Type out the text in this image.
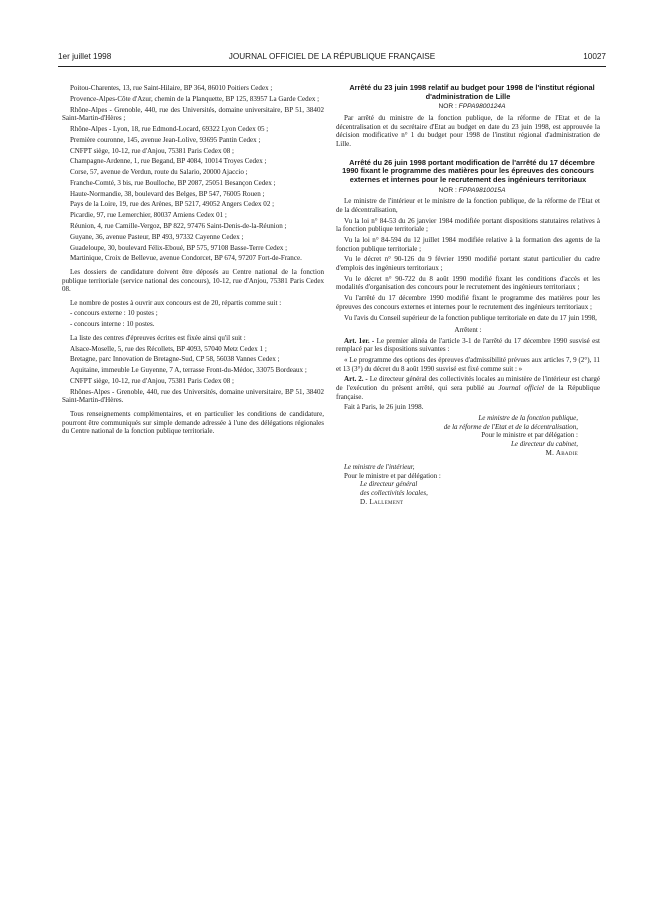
1er juillet 1998	JOURNAL OFFICIEL DE LA RÉPUBLIQUE FRANÇAISE	10027

Poitou-Charentes, 13, rue Saint-Hilaire, BP 364, 86010 Poitiers Cedex ;

Provence-Alpes-Côte d'Azur, chemin de la Planquette, BP 125, 83957 La Garde Cedex ;

Rhône-Alpes - Grenoble, 440, rue des Universités, domaine universitaire, BP 51, 38402 Saint-Martin-d'Hères ;

Rhône-Alpes - Lyon, 18, rue Edmond-Locard, 69322 Lyon Cedex 05 ;

Première couronne, 145, avenue Jean-Lolive, 93695 Pantin Cedex ;

CNFPT siège, 10-12, rue d'Anjou, 75381 Paris Cedex 08 ;

Champagne-Ardenne, 1, rue Begand, BP 4084, 10014 Troyes Cedex ;

Corse, 57, avenue de Verdun, route du Salario, 20000 Ajaccio ;

Franche-Comté, 3 bis, rue Boulloche, BP 2087, 25051 Besançon Cedex ;

Haute-Normandie, 38, boulevard des Belges, BP 547, 76005 Rouen ;

Pays de la Loire, 19, rue des Arènes, BP 5217, 49052 Angers Cedex 02 ;

Picardie, 97, rue Lemerchier, 80037 Amiens Cedex 01 ;

Réunion, 4, rue Camille-Vergoz, BP 822, 97476 Saint-Denis-de-la-Réunion ;

Guyane, 36, avenue Pasteur, BP 493, 97332 Cayenne Cedex ;

Guadeloupe, 30, boulevard Félix-Eboué, BP 575, 97108 Basse-Terre Cedex ;

Martinique, Croix de Bellevue, avenue Condorcet, BP 674, 97207 Fort-de-France.

Les dossiers de candidature doivent être déposés au Centre national de la fonction publique territoriale (service national des concours), 10-12, rue d'Anjou, 75381 Paris Cedex 08.

Le nombre de postes à ouvrir aux concours est de 20, répartis comme suit :

- concours externe : 10 postes ;

- concours interne : 10 postes.

La liste des centres d'épreuves écrites est fixée ainsi qu'il suit :

Alsace-Moselle, 5, rue des Récollets, BP 4093, 57040 Metz Cedex 1 ;

Bretagne, parc Innovation de Bretagne-Sud, CP 58, 56038 Vannes Cedex ;

Aquitaine, immeuble Le Guyenne, 7 A, terrasse Front-du-Médoc, 33075 Bordeaux ;

CNFPT siège, 10-12, rue d'Anjou, 75381 Paris Cedex 08 ;

Rhônes-Alpes - Grenoble, 440, rue des Universités, domaine universitaire, BP 51, 38402 Saint-Martin-d'Hères.

Tous renseignements complémentaires, et en particulier les conditions de candidature, pourront être communiqués sur simple demande adressée à l'une des délégations régionales du Centre national de la fonction publique territoriale.

Arrêté du 23 juin 1998 relatif au budget pour 1998 de l'institut régional d'administration de Lille

NOR : FPPA9800124A

Par arrêté du ministre de la fonction publique, de la réforme de l'Etat et de la décentralisation et du secrétaire d'Etat au budget en date du 23 juin 1998, est approuvée la décision modificative n° 1 du budget pour 1998 de l'institut régional d'administration de Lille.

Arrêté du 26 juin 1998 portant modification de l'arrêté du 17 décembre 1990 fixant le programme des matières pour les épreuves des concours externes et internes pour le recrutement des ingénieurs territoriaux

NOR : FPPA9810015A

Le ministre de l'intérieur et le ministre de la fonction publique, de la réforme de l'Etat et de la décentralisation,

Vu la loi n° 84-53 du 26 janvier 1984 modifiée portant dispositions statutaires relatives à la fonction publique territoriale ;

Vu la loi n° 84-594 du 12 juillet 1984 modifiée relative à la formation des agents de la fonction publique territoriale ;

Vu le décret n° 90-126 du 9 février 1990 modifié portant statut particulier du cadre d'emplois des ingénieurs territoriaux ;

Vu le décret n° 90-722 du 8 août 1990 modifié fixant les conditions d'accès et les modalités d'organisation des concours pour le recrutement des ingénieurs territoriaux ;

Vu l'arrêté du 17 décembre 1990 modifié fixant le programme des matières pour les épreuves des concours externes et internes pour le recrutement des ingénieurs territoriaux ;

Vu l'avis du Conseil supérieur de la fonction publique territoriale en date du 17 juin 1998,

Arrêtent :

Art. 1er. - Le premier alinéa de l'article 3-1 de l'arrêté du 17 décembre 1990 susvisé est remplacé par les dispositions suivantes :

« Le programme des options des épreuves d'admissibilité prévues aux articles 7, 9 (2°), 11 et 13 (3°) du décret du 8 août 1990 susvisé est fixé comme suit : »

Art. 2. - Le directeur général des collectivités locales au ministère de l'intérieur est chargé de l'exécution du présent arrêté, qui sera publié au Journal officiel de la République française.

Fait à Paris, le 26 juin 1998.

Le ministre de la fonction publique,
de la réforme de l'Etat et de la décentralisation,
Pour le ministre et par délégation :
Le directeur du cabinet,
M. Abadie
Le ministre de l'intérieur,
Pour le ministre et par délégation :
Le directeur général
des collectivités locales,
D. Lallement
